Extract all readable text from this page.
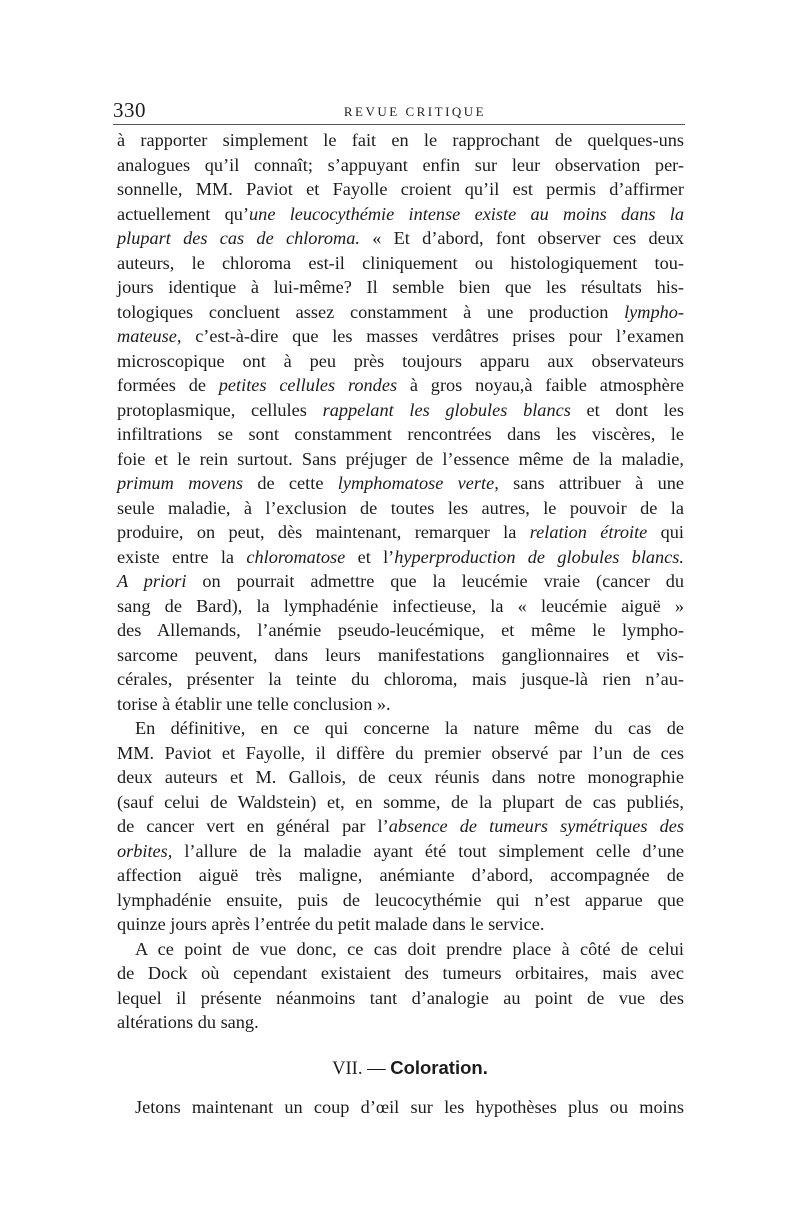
330	REVUE CRITIQUE
à rapporter simplement le fait en le rapprochant de quelques-uns
analogues qu’il connaît; s’appuyant enfin sur leur observation per-
sonnelle, MM. Paviot et Fayolle croient qu’il est permis d’affirmer
actuellement qu’une leucocythémie intense existe au moins dans la
plupart des cas de chloroma. « Et d’abord, font observer ces deux
auteurs, le chloroma est-il cliniquement ou histologiquement tou-
jours identique à lui-même? Il semble bien que les résultats his-
tologiques concluent assez constamment à une production lympho-
mateuse, c’est-à-dire que les masses verdâtres prises pour l’examen
microscopique ont à peu près toujours apparu aux observateurs
formées de petites cellules rondes à gros noyau,à faible atmosphère
protoplasmique, cellules rappelant les globules blancs et dont les
infiltrations se sont constamment rencontrées dans les viscères, le
foie et le rein surtout. Sans préjuger de l’essence même de la maladie,
primum movens de cette lymphomatose verte, sans attribuer à une
seule maladie, à l’exclusion de toutes les autres, le pouvoir de la
produire, on peut, dès maintenant, remarquer la relation étroite qui
existe entre la chloromatose et l’hyperproduction de globules blancs.
A priori on pourrait admettre que la leucémie vraie (cancer du
sang de Bard), la lymphadénie infectieuse, la « leucémie aiguë »
des Allemands, l’anémie pseudo-leucémique, et même le lympho-
sarcome peuvent, dans leurs manifestations ganglionnaires et vis-
cérales, présenter la teinte du chloroma, mais jusque-là rien n’au-
torise à établir une telle conclusion ».
En définitive, en ce qui concerne la nature même du cas de
MM. Paviot et Fayolle, il diffère du premier observé par l’un de ces
deux auteurs et M. Gallois, de ceux réunis dans notre monographie
(sauf celui de Waldstein) et, en somme, de la plupart de cas publiés,
de cancer vert en général par l’absence de tumeurs symétriques des
orbites, l’allure de la maladie ayant été tout simplement celle d’une
affection aiguë très maligne, anémiante d’abord, accompagnée de
lymphadénie ensuite, puis de leucocythémie qui n’est apparue que
quinze jours après l’entrée du petit malade dans le service.
A ce point de vue donc, ce cas doit prendre place à côté de celui
de Dock où cependant existaient des tumeurs orbitaires, mais avec
lequel il présente néanmoins tant d’analogie au point de vue des
altérations du sang.
VII. — Coloration.
Jetons maintenant un coup d’œil sur les hypothèses plus ou moins
